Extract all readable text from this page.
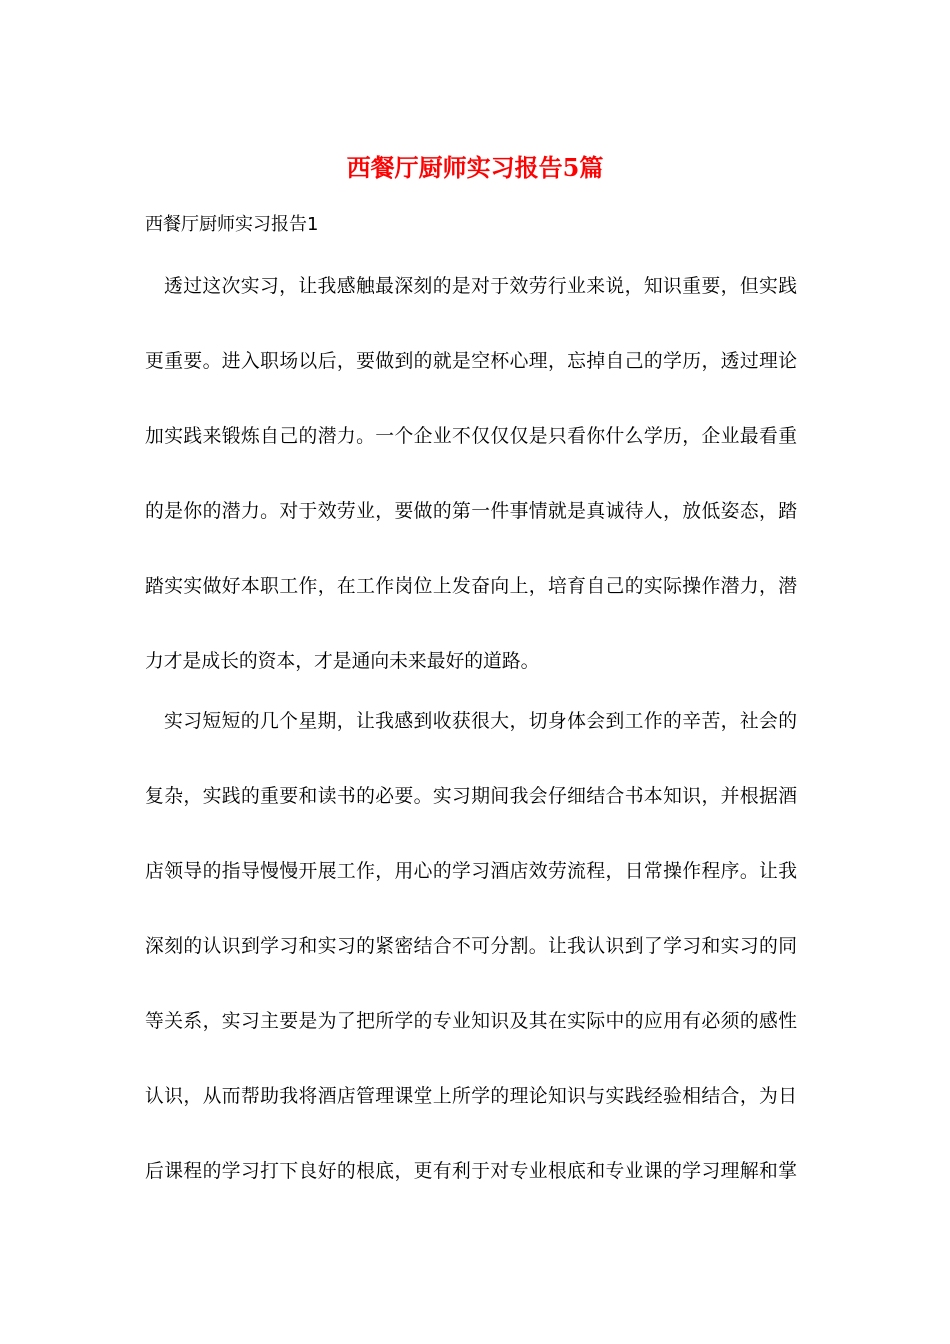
西餐厅厨师实习报告5篇

西餐厅厨师实习报告1

透过这次实习，让我感触最深刻的是对于效劳行业来说，知识重要，但实践

更重要。进入职场以后，要做到的就是空杯心理，忘掉自己的学历，透过理论

加实践来锻炼自己的潜力。一个企业不仅仅仅是只看你什么学历，企业最看重

的是你的潜力。对于效劳业，要做的第一件事情就是真诚待人，放低姿态，踏

踏实实做好本职工作，在工作岗位上发奋向上，培育自己的实际操作潜力，潜

力才是成长的资本，才是通向未来最好的道路。

实习短短的几个星期，让我感到收获很大，切身体会到工作的辛苦，社会的

复杂，实践的重要和读书的必要。实习期间我会仔细结合书本知识，并根据酒

店领导的指导慢慢开展工作，用心的学习酒店效劳流程，日常操作程序。让我

深刻的认识到学习和实习的紧密结合不可分割。让我认识到了学习和实习的同

等关系，实习主要是为了把所学的专业知识及其在实际中的应用有必须的感性

认识，从而帮助我将酒店管理课堂上所学的理论知识与实践经验相结合，为日

后课程的学习打下良好的根底，更有利于对专业根底和专业课的学习理解和掌
